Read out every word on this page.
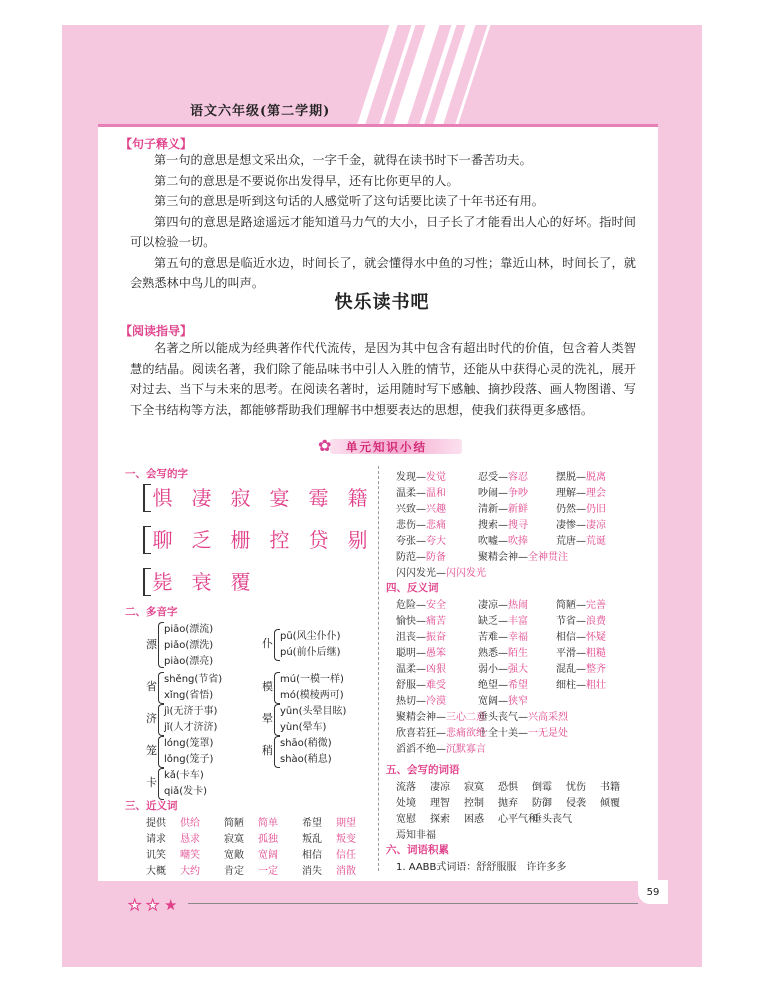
语文六年级(第二学期)
【句子释义】

第一句的意思是想文采出众，一字千金，就得在读书时下一番苦功夫。

第二句的意思是不要说你出发得早，还有比你更早的人。

第三句的意思是听到这句话的人感觉听了这句话要比读了十年书还有用。

第四句的意思是路途遥远才能知道马力气的大小，日子长了才能看出人心的好坏。指时间可以检验一切。

第五句的意思是临近水边，时间长了，就会懂得水中鱼的习性；靠近山林，时间长了，就会熟悉林中鸟儿的叫声。

快乐读书吧
【阅读指导】

名著之所以能成为经典著作代代流传，是因为其中包含有超出时代的价值，包含着人类智慧的结晶。阅读名著，我们除了能品味书中引人入胜的情节，还能从中获得心灵的洗礼，展开对过去、当下与未来的思考。在阅读名著时，运用随时写下感触、摘抄段落、画人物图谱、写下全书结构等方法，都能够帮助我们理解书中想要表达的思想，使我们获得更多感悟。

✿ 单元知识小结
一、会写的字
惧 凄 寂 宴 霉 籍
聊 乏 栅 控 贷 剔
毙 衰 覆
二、多音字
漂
piāo(漂流)
piǎo(漂洗)
piào(漂亮)
仆
pū(风尘仆仆)
pú(前仆后继)
省
shěng(节省)
xǐng(省悟)
模
mú(一模一样)
mó(模棱两可)
济
jì(无济于事)
jǐ(人才济济)
晕
yūn(头晕目眩)
yùn(晕车)
笼
lóng(笼罩)
lǒng(笼子)
稍
shāo(稍微)
shào(稍息)
卡
kǎ(卡车)
qiǎ(发卡)
三、近义词
提供 供给 简陋 简单 希望 期望
请求 恳求 寂寞 孤独 叛乱 叛变
讥笑 嘲笑 宽敞 宽阔 相信 信任
大概 大约 肯定 一定 消失 消散
发现—发觉	忍受—容忍	摆脱—脱离
温柔—温和	吵闹—争吵	理解—理会
兴致—兴趣	清新—新鲜	仍然—仍旧
悲伤—悲痛	搜索—搜寻	凄惨—凄凉
夸张—夸大	吹嘘—吹捧	荒唐—荒诞
防范—防备	聚精会神—全神贯注
闪闪发光—闪闪发光
四、反义词
危险—安全	凄凉—热闹	简陋—完善
愉快—痛苦	缺乏—丰富	节省—浪费
沮丧—振奋	苦难—幸福	相信—怀疑
聪明—愚笨	熟悉—陌生	平滑—粗糙
温柔—凶狠	弱小—强大	混乱—整齐
舒服—难受	绝望—希望	细柱—粗壮
热切—冷漠	宽阔—狭窄
聚精会神—三心二意
垂头丧气—兴高采烈
欣喜若狂—悲痛欲绝
十全十美—一无是处
滔滔不绝—沉默寡言
五、会写的词语
流落 凄凉 寂寞 恐惧 倒霉 忧伤 书籍
处境 理智 控制 抛弃 防御 侵袭 倾覆
宽慰 探索 困惑 心平气和
垂头丧气
焉知非福
六、词语积累
1. AABB式词语：舒舒服服　许许多多
★ ★ ★
59
